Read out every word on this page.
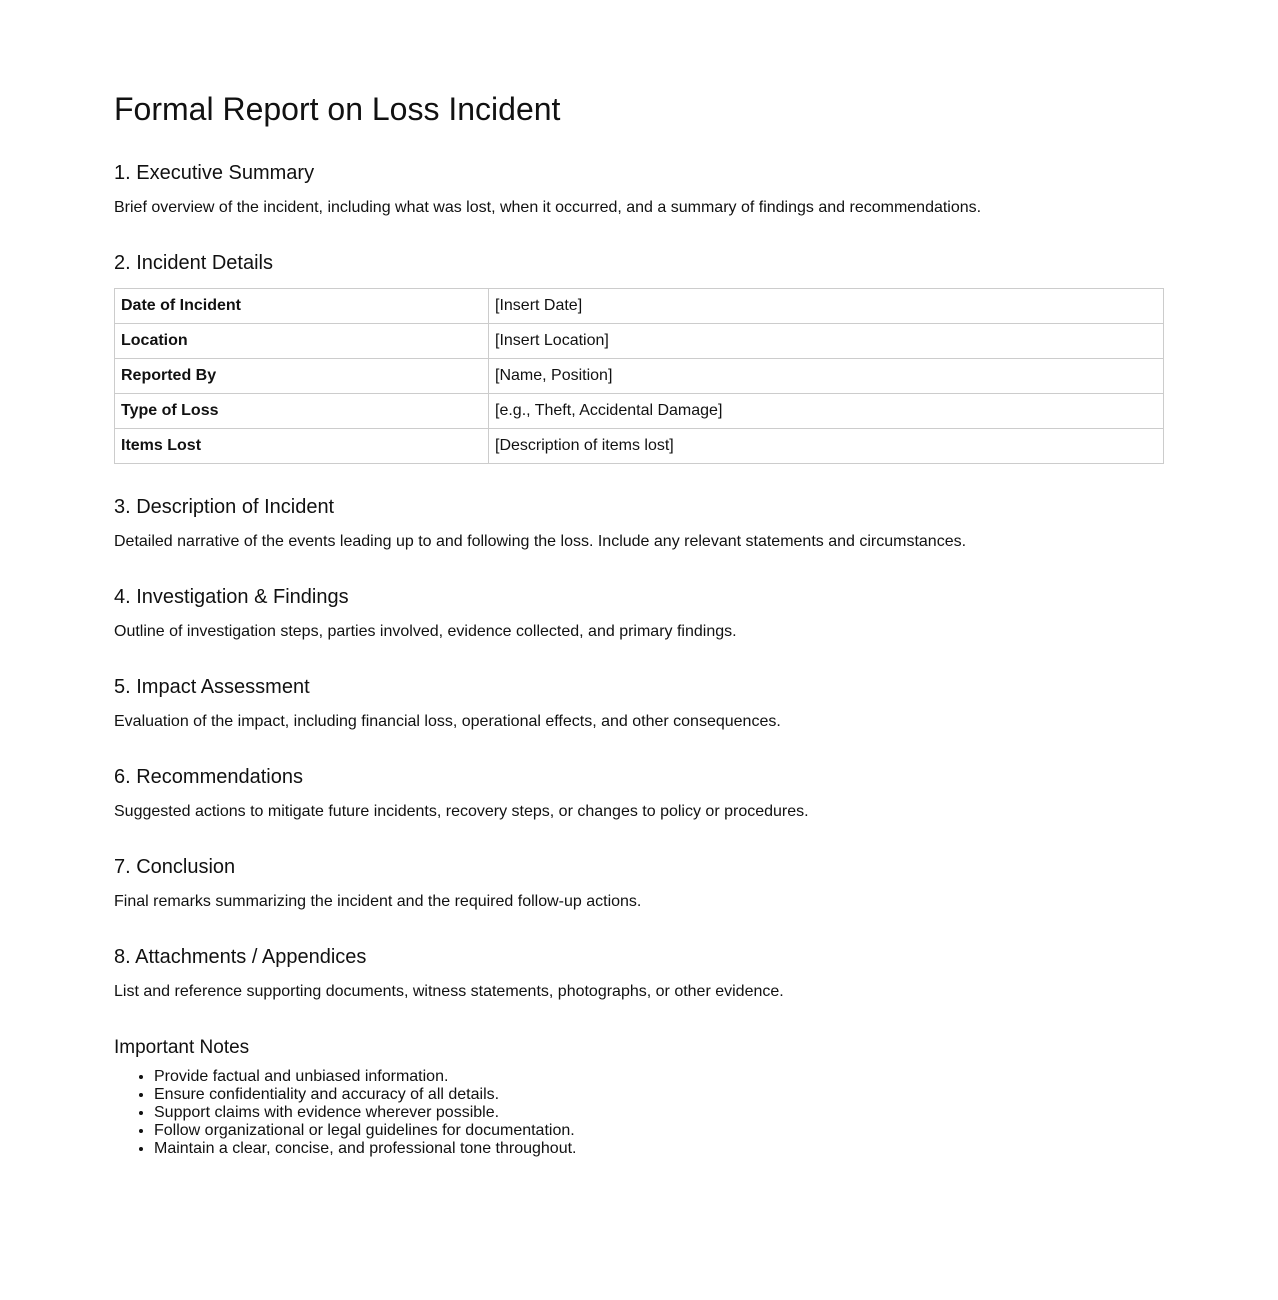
Formal Report on Loss Incident
1. Executive Summary

Brief overview of the incident, including what was lost, when it occurred, and a summary of findings and recommendations.

2. Incident Details
Date of Incident	[Insert Date]
Location	[Insert Location]
Reported By	[Name, Position]
Type of Loss	[e.g., Theft, Accidental Damage]
Items Lost	[Description of items lost]
3. Description of Incident

Detailed narrative of the events leading up to and following the loss. Include any relevant statements and circumstances.

4. Investigation & Findings

Outline of investigation steps, parties involved, evidence collected, and primary findings.

5. Impact Assessment

Evaluation of the impact, including financial loss, operational effects, and other consequences.

6. Recommendations

Suggested actions to mitigate future incidents, recovery steps, or changes to policy or procedures.

7. Conclusion

Final remarks summarizing the incident and the required follow-up actions.

8. Attachments / Appendices

List and reference supporting documents, witness statements, photographs, or other evidence.

Important Notes
• Provide factual and unbiased information.
• Ensure confidentiality and accuracy of all details.
• Support claims with evidence wherever possible.
• Follow organizational or legal guidelines for documentation.
• Maintain a clear, concise, and professional tone throughout.
